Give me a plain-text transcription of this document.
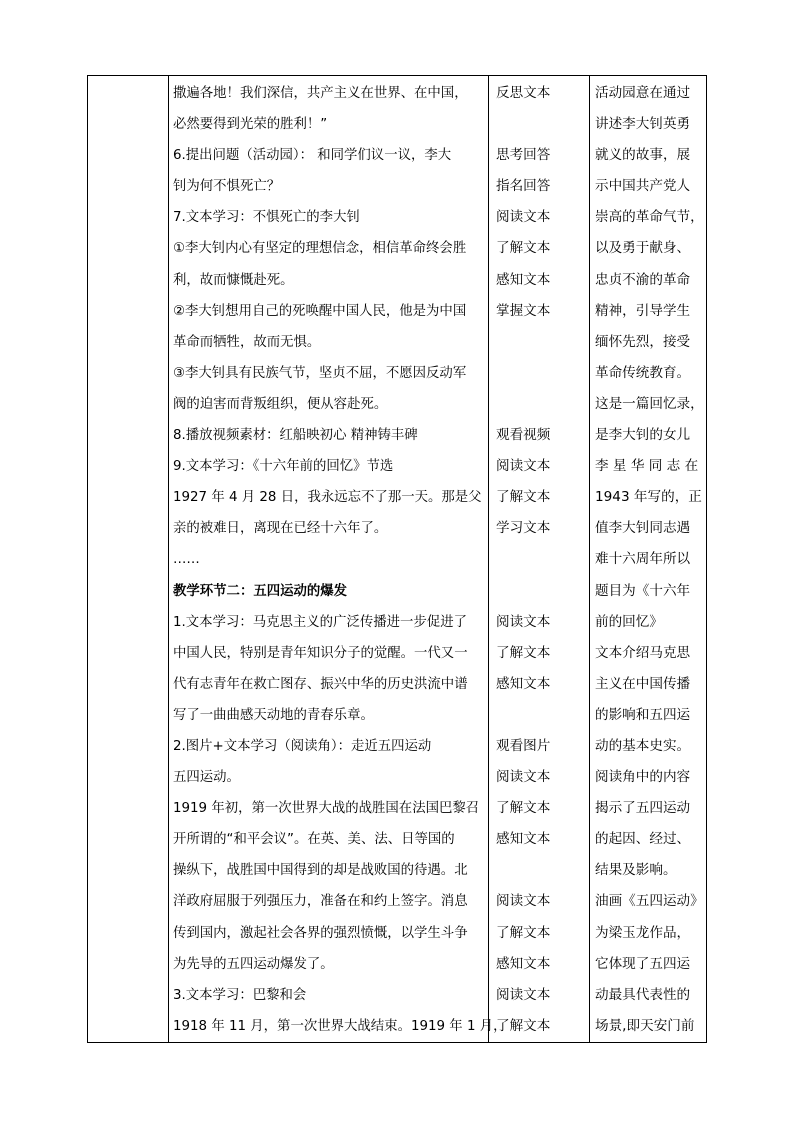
撒遍各地！我们深信，共产主义在世界、在中国，
必然要得到光荣的胜利！”
6.提出问题（活动园）： 和同学们议一议，李大
钊为何不惧死亡？
7.文本学习：不惧死亡的李大钊
①李大钊内心有坚定的理想信念，相信革命终会胜
利，故而慷慨赴死。
②李大钊想用自己的死唤醒中国人民，他是为中国
革命而牺牲，故而无惧。
③李大钊具有民族气节，坚贞不屈，不愿因反动军
阀的迫害而背叛组织，便从容赴死。
8.播放视频素材：红船映初心 精神铸丰碑
9.文本学习：《十六年前的回忆》节选
1927 年 4 月 28 日，我永远忘不了那一天。那是父
亲的被难日，离现在已经十六年了。
……
教学环节二：五四运动的爆发
1.文本学习：马克思主义的广泛传播进一步促进了
中国人民，特别是青年知识分子的觉醒。一代又一
代有志青年在救亡图存、振兴中华的历史洪流中谱
写了一曲曲感天动地的青春乐章。
2.图片+文本学习（阅读角）：走近五四运动
五四运动。
1919 年初，第一次世界大战的战胜国在法国巴黎召
开所谓的“和平会议”。在英、美、法、日等国的
操纵下，战胜国中国得到的却是战败国的待遇。北
洋政府屈服于列强压力，准备在和约上签字。消息
传到国内，激起社会各界的强烈愤慨，以学生斗争
为先导的五四运动爆发了。
3.文本学习：巴黎和会
1918 年 11 月，第一次世界大战结束。1919 年 1 月，
反思文本
思考回答
指名回答
阅读文本
了解文本
感知文本
掌握文本
观看视频
阅读文本
了解文本
学习文本
阅读文本
了解文本
感知文本
观看图片
阅读文本
了解文本
感知文本
阅读文本
了解文本
感知文本
阅读文本
了解文本
活动园意在通过
讲述李大钊英勇
就义的故事，展
示中国共产党人
崇高的革命气节，
以及勇于献身、
忠贞不渝的革命
精神，引导学生
缅怀先烈，接受
革命传统教育。
这是一篇回忆录，
是李大钊的女儿
李 星 华 同 志 在
1943 年写的，正
值李大钊同志遇
难十六周年所以
题目为《十六年
前的回忆》
文本介绍马克思
主义在中国传播
的影响和五四运
动的基本史实。
阅读角中的内容
揭示了五四运动
的起因、经过、
结果及影响。
油画《五四运动》
为梁玉龙作品，
它体现了五四运
动最具代表性的
场景,即天安门前
